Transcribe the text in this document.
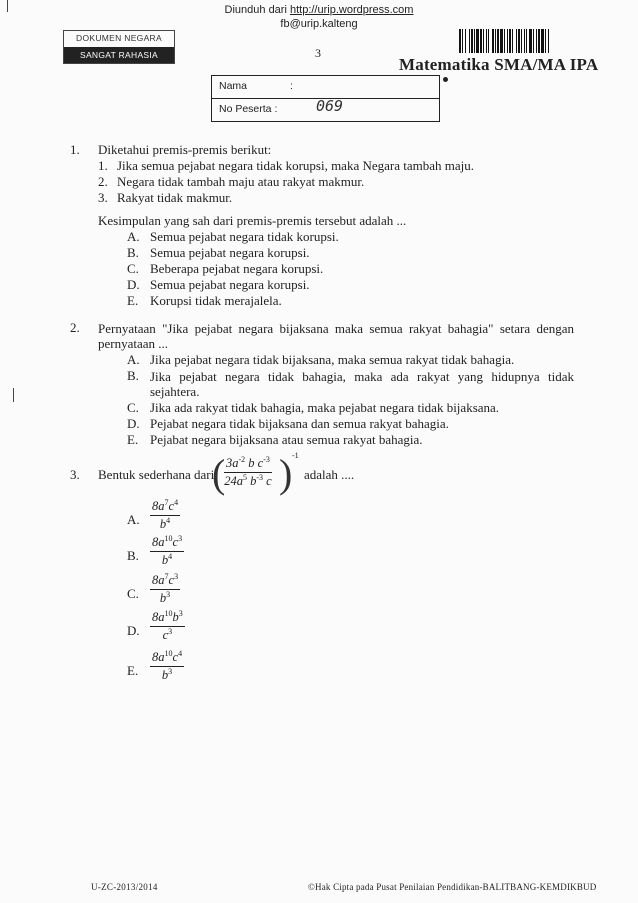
Diunduh dari http://urip.wordpress.com
fb@urip.kalteng
DOKUMEN NEGARA
SANGAT RAHASIA	3
Matematika SMA/MA IPA
Nama	:
No Peserta :	069
1. Diketahui premis-premis berikut:
1. Jika semua pejabat negara tidak korupsi, maka Negara tambah maju.
2. Negara tidak tambah maju atau rakyat makmur.
3. Rakyat tidak makmur.
Kesimpulan yang sah dari premis-premis tersebut adalah ...
A. Semua pejabat negara tidak korupsi.
B. Semua pejabat negara korupsi.
C. Beberapa pejabat negara korupsi.
D. Semua pejabat negara korupsi.
E. Korupsi tidak merajalela.
2. Pernyataan "Jika pejabat negara bijaksana maka semua rakyat bahagia" setara dengan
pernyataan ...
A. Jika pejabat negara tidak bijaksana, maka semua rakyat tidak bahagia.
B. Jika pejabat negara tidak bahagia, maka ada rakyat yang hidupnya tidak
sejahtera.
C. Jika ada rakyat tidak bahagia, maka pejabat negara tidak bijaksana.
D. Pejabat negara tidak bijaksana dan semua rakyat bahagia.
E. Pejabat negara bijaksana atau semua rakyat bahagia.
3. Bentuk sederhana dari
(
$\frac{3a^{-2} b c^{-3}}{24a^5 b^{-3} c}$ ) -1
adalah ....
A. $\frac{8a^7c^4}{b^4}$
B. $\frac{8a^{10}c^3}{b^4}$
C. $\frac{8a^7c^3}{b^3}$
D. $\frac{8a^{10}b^3}{c^3}$
E. $\frac{8a^{10}c^4}{b^3}$
U-ZC-2013/2014	©Hak Cipta pada Pusat Penilaian Pendidikan-BALITBANG-KEMDIKBUD
